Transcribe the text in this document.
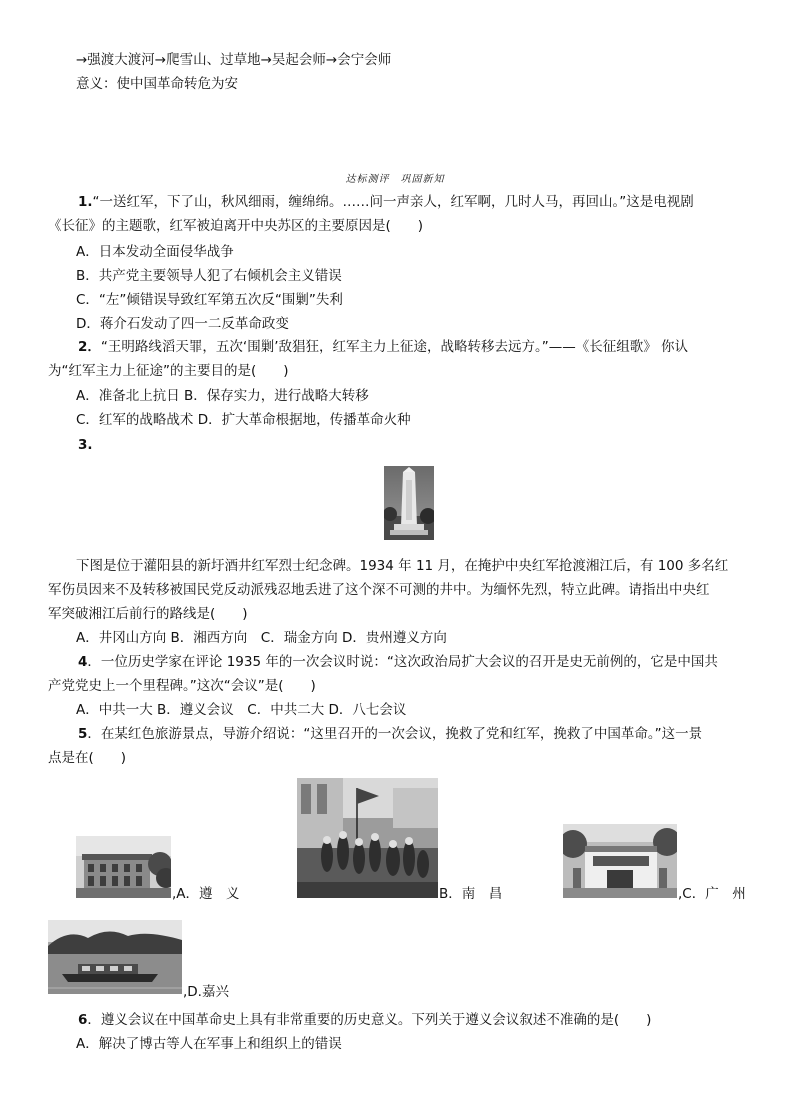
→强渡大渡河→爬雪山、过草地→吴起会师→会宁会师
意义：使中国革命转危为安
达标测评　巩固新知
1.“一送红军，下了山，秋风细雨，缠绵绵。……问一声亲人，红军啊，几时人马，再回山。”这是电视剧
《长征》的主题歌，红军被迫离开中央苏区的主要原因是(　　)
A．日本发动全面侵华战争
B．共产党主要领导人犯了右倾机会主义错误
C．“左”倾错误导致红军第五次反“围剿”失利
D．蒋介石发动了四一二反革命政变
2．“王明路线滔天罪，五次‘围剿’敌猖狂，红军主力上征途，战略转移去远方。”——《长征组歌》 你认
为“红军主力上征途”的主要目的是(　　)
A．准备北上抗日 B．保存实力，进行战略大转移
C．红军的战略战术 D．扩大革命根据地，传播革命火种
3.
下图是位于灌阳县的新圩酒井红军烈士纪念碑。1934 年 11 月，在掩护中央红军抢渡湘江后，有 100 多名红
军伤员因来不及转移被国民党反动派残忍地丢进了这个深不可测的井中。为缅怀先烈，特立此碑。请指出中央红
军突破湘江后前行的路线是(　　)
A．井冈山方向 B．湘西方向　C．瑞金方向 D．贵州遵义方向
4．一位历史学家在评论 1935 年的一次会议时说：“这次政治局扩大会议的召开是史无前例的，它是中国共
产党党史上一个里程碑。”这次“会议”是(　　)
A．中共一大 B．遵义会议　C．中共二大 D．八七会议
5．在某红色旅游景点，导游介绍说：“这里召开的一次会议，挽救了党和红军，挽救了中国革命。”这一景
点是在(　　)
,A．遵　义	B．南　昌	,C．广　州
,D.嘉兴
6．遵义会议在中国革命史上具有非常重要的历史意义。下列关于遵义会议叙述不准确的是(　　)
A．解决了博古等人在军事上和组织上的错误
